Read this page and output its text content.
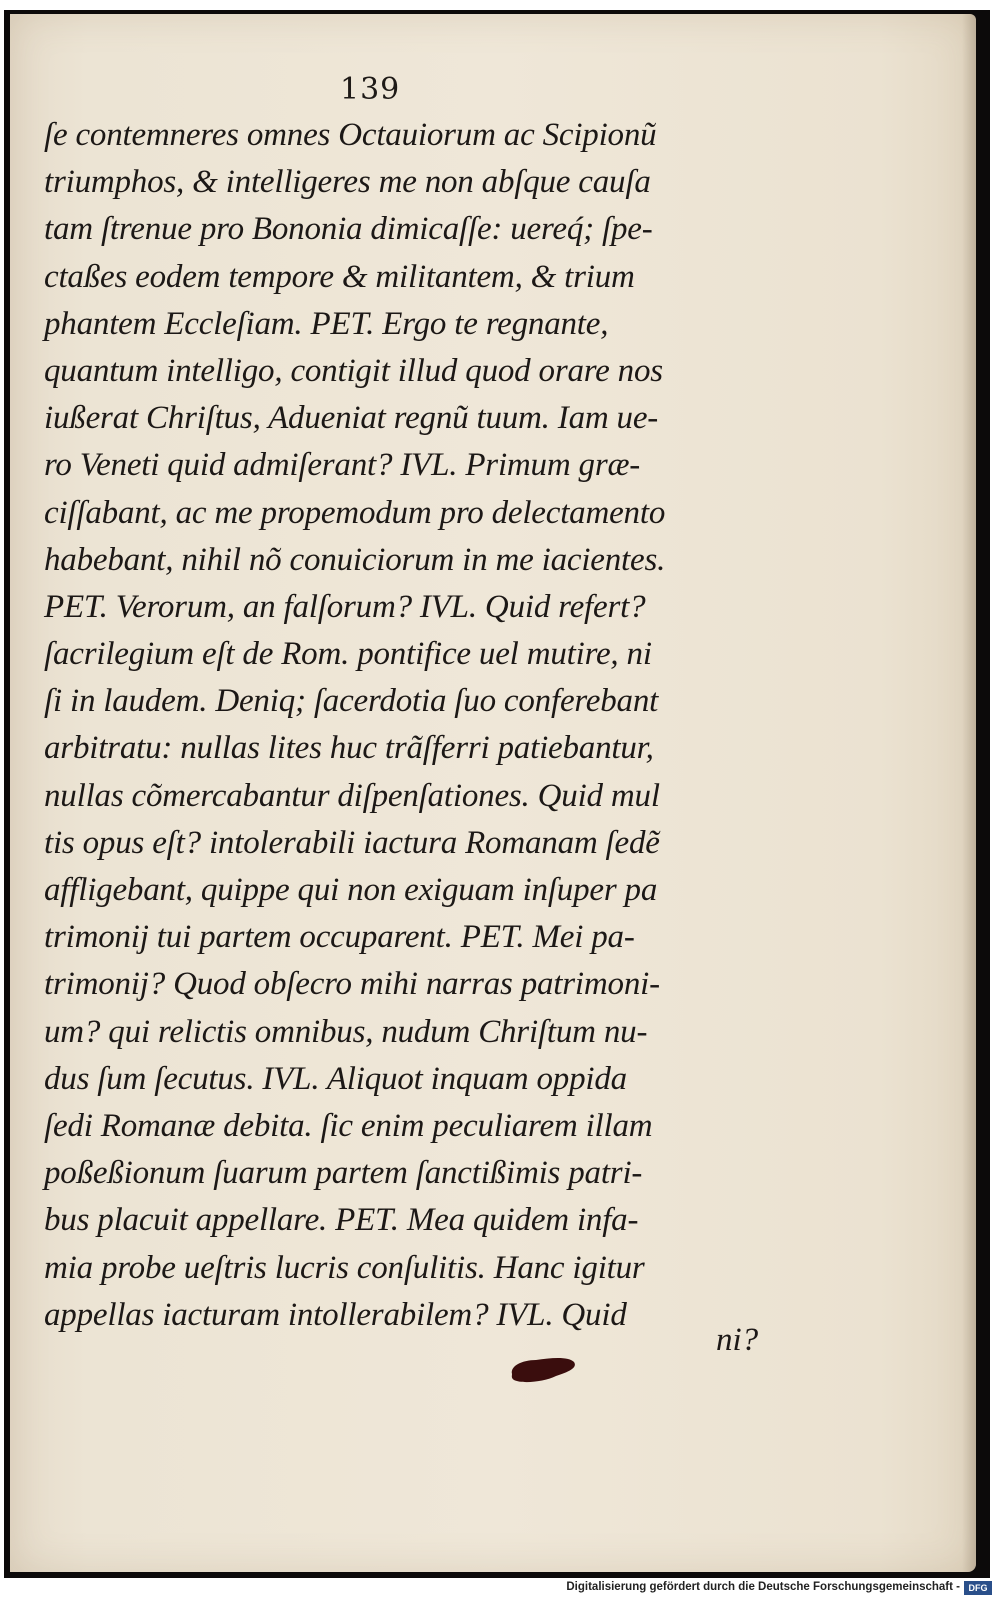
139
ſe contemneres omnes Octauiorum ac Scipionũ
triumphos, & intelligeres me non abſque cauſa
tam ſtrenue pro Bononia dimicaſſe: uereq́; ſpe-
ctaßes eodem tempore & militantem, & trium
phantem Eccleſiam. PET. Ergo te regnante,
quantum intelligo, contigit illud quod orare nos
iußerat Chriſtus, Adueniat regnũ tuum. Iam ue-
ro Veneti quid admiſerant? IVL. Primum græ-
ciſſabant, ac me propemodum pro delectamento
habebant, nihil nõ conuiciorum in me iacientes.
PET. Verorum, an falſorum? IVL. Quid refert?
ſacrilegium eſt de Rom. pontifice uel mutire, ni
ſi in laudem. Deniq; ſacerdotia ſuo conferebant
arbitratu: nullas lites huc trãſferri patiebantur,
nullas cõmercabantur diſpenſationes. Quid mul
tis opus eſt? intolerabili iactura Romanam ſedẽ
affligebant, quippe qui non exiguam inſuper pa
trimonij tui partem occuparent. PET. Mei pa-
trimonij? Quod obſecro mihi narras patrimoni-
um? qui relictis omnibus, nudum Chriſtum nu-
dus ſum ſecutus. IVL. Aliquot inquam oppida
ſedi Romanæ debita. ſic enim peculiarem illam
poßeßionum ſuarum partem ſanctißimis patri-
bus placuit appellare. PET. Mea quidem infa-
mia probe ueſtris lucris conſulitis. Hanc igitur
appellas iacturam intollerabilem? IVL. Quid
ni?
Digitalisierung gefördert durch die Deutsche Forschungsgemeinschaft - DFG
